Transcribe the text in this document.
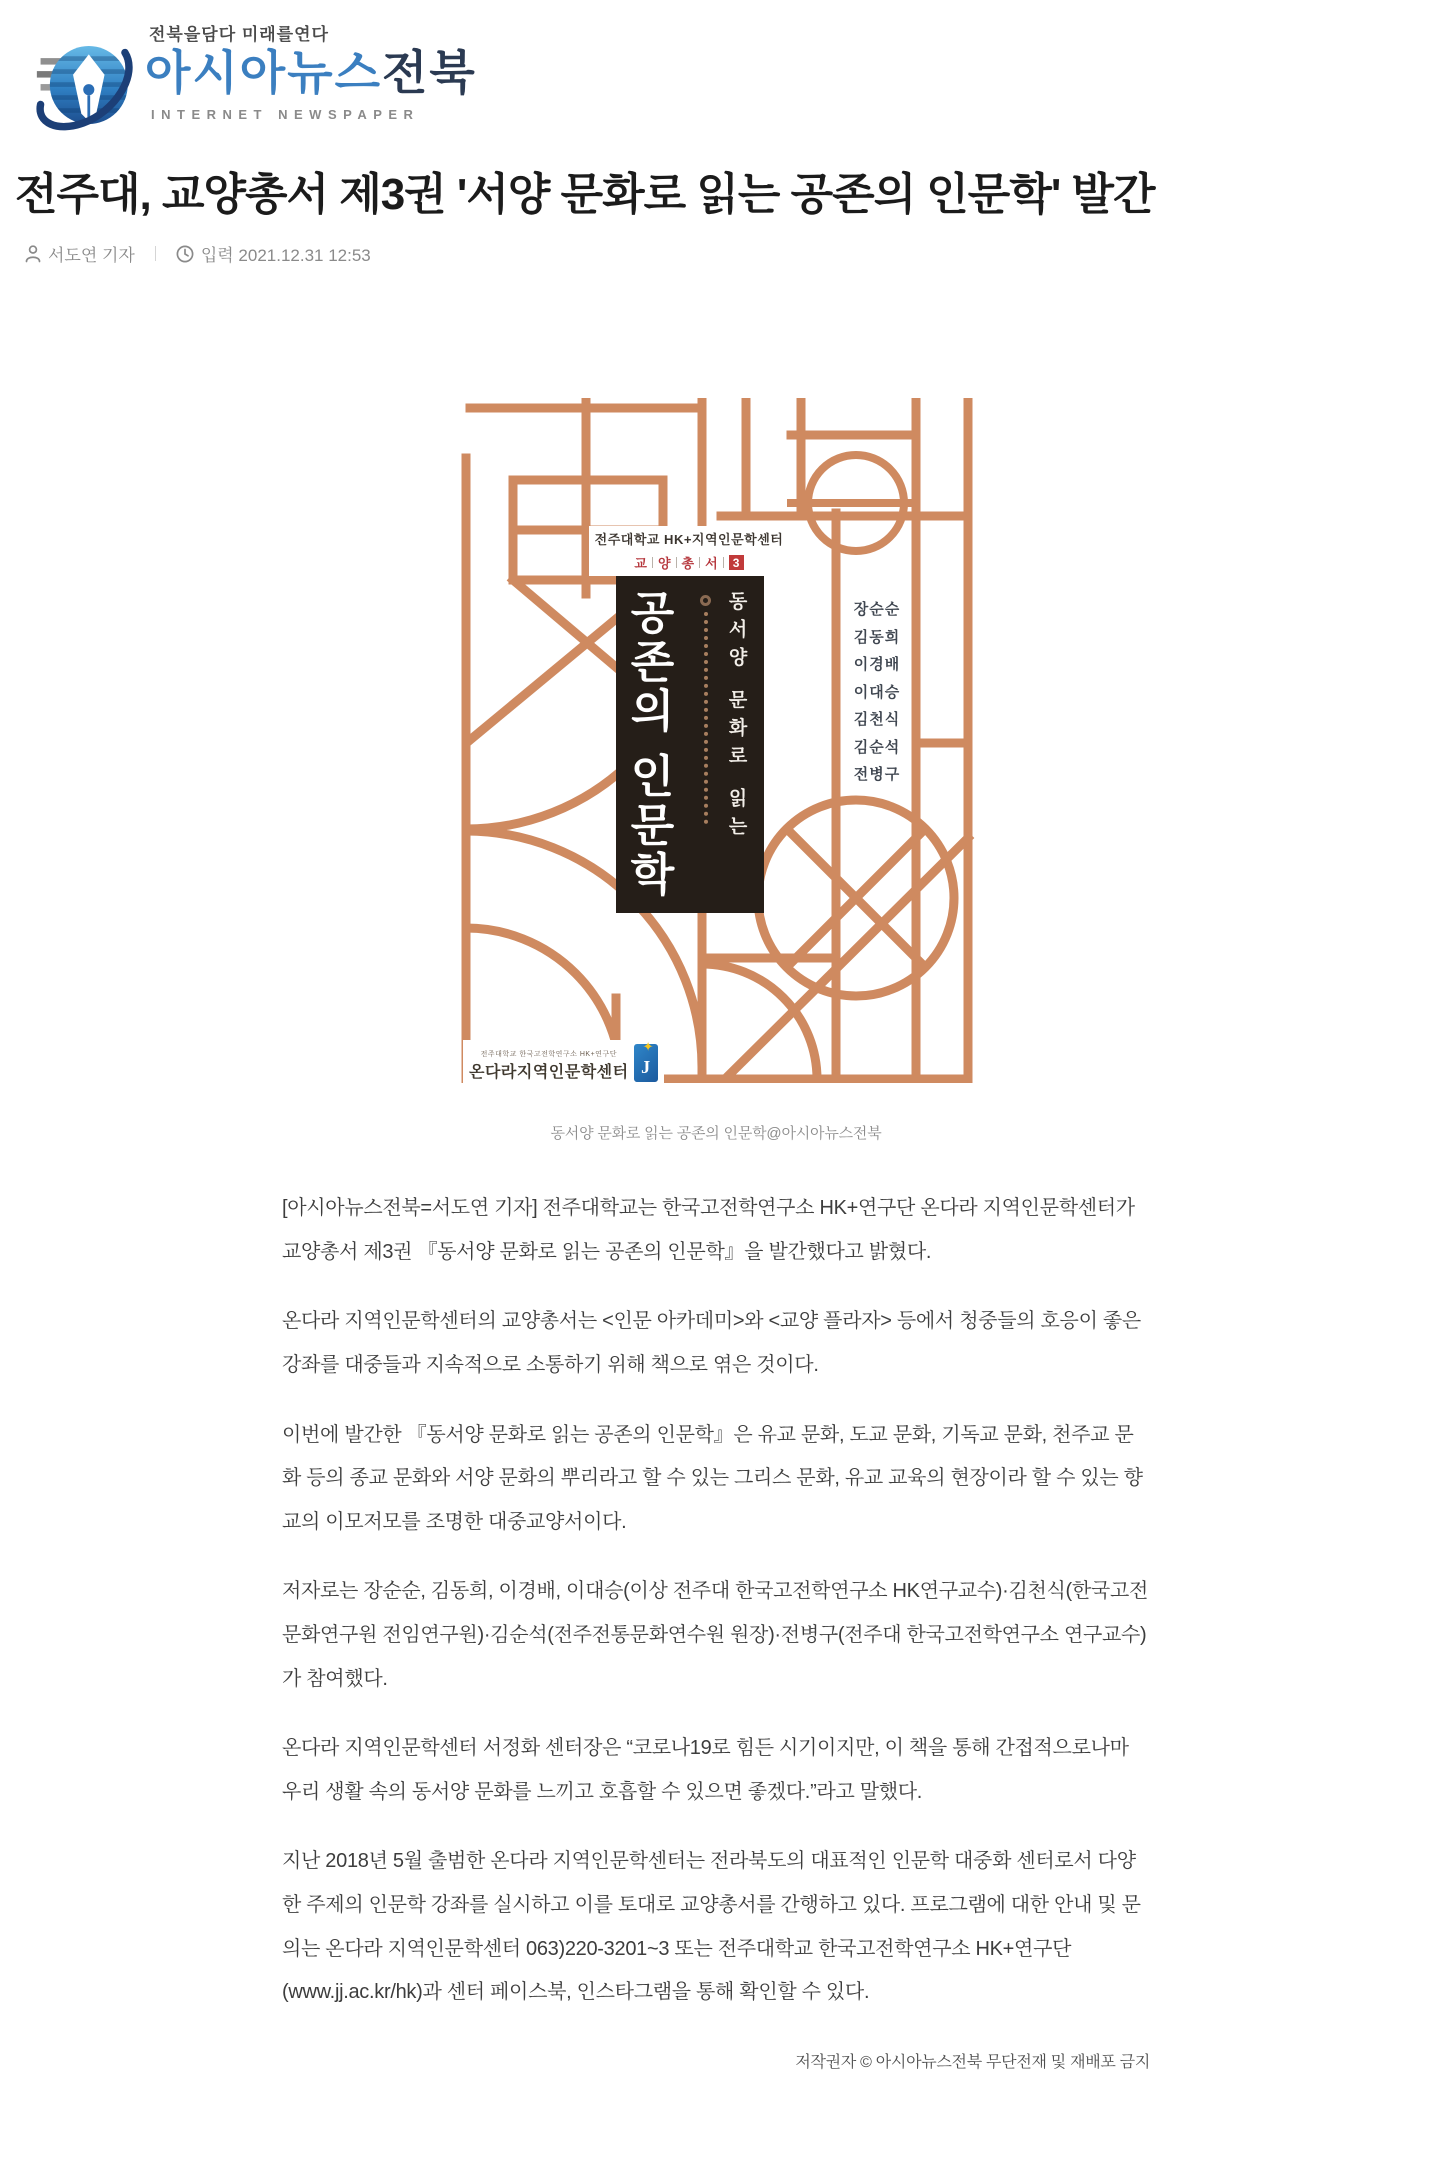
전북을담다 미래를연다
아시아뉴스전북
INTERNET NEWSPAPER
전주대, 교양총서 제3권 '서양 문화로 읽는 공존의 인문학' 발간
서도연 기자	입력 2021.12.31 12:53
전주대학교 HK+지역인문학센터
교 양 총 서	3
공존의 인문학	동서양 문화로 읽는	장순순
김동희
이경배
이대승
김천식
김순석
전병구
전주대학교 한국고전학연구소 HK+연구단
온다라지역인문학센터
✦
J
동서양 문화로 읽는 공존의 인문학@아시아뉴스전북

[아시아뉴스전북=서도연 기자] 전주대학교는 한국고전학연구소 HK+연구단 온다라 지역인문학센터가 교양총서 제3권 『동서양 문화로 읽는 공존의 인문학』을 발간했다고 밝혔다.

온다라 지역인문학센터의 교양총서는 <인문 아카데미>와 <교양 플라자> 등에서 청중들의 호응이 좋은 강좌를 대중들과 지속적으로 소통하기 위해 책으로 엮은 것이다.

이번에 발간한 『동서양 문화로 읽는 공존의 인문학』은 유교 문화, 도교 문화, 기독교 문화, 천주교 문화 등의 종교 문화와 서양 문화의 뿌리라고 할 수 있는 그리스 문화, 유교 교육의 현장이라 할 수 있는 향교의 이모저모를 조명한 대중교양서이다.

저자로는 장순순, 김동희, 이경배, 이대승(이상 전주대 한국고전학연구소 HK연구교수)·김천식(한국고전문화연구원 전임연구원)·김순석(전주전통문화연수원 원장)·전병구(전주대 한국고전학연구소 연구교수)가 참여했다.

온다라 지역인문학센터 서정화 센터장은 “코로나19로 힘든 시기이지만, 이 책을 통해 간접적으로나마 우리 생활 속의 동서양 문화를 느끼고 호흡할 수 있으면 좋겠다.”라고 말했다.

지난 2018년 5월 출범한 온다라 지역인문학센터는 전라북도의 대표적인 인문학 대중화 센터로서 다양한 주제의 인문학 강좌를 실시하고 이를 토대로 교양총서를 간행하고 있다. 프로그램에 대한 안내 및 문의는 온다라 지역인문학센터 063)220-3201~3 또는 전주대학교 한국고전학연구소 HK+연구단(www.jj.ac.kr/hk)과 센터 페이스북, 인스타그램을 통해 확인할 수 있다.

저작권자 © 아시아뉴스전북 무단전재 및 재배포 금지
